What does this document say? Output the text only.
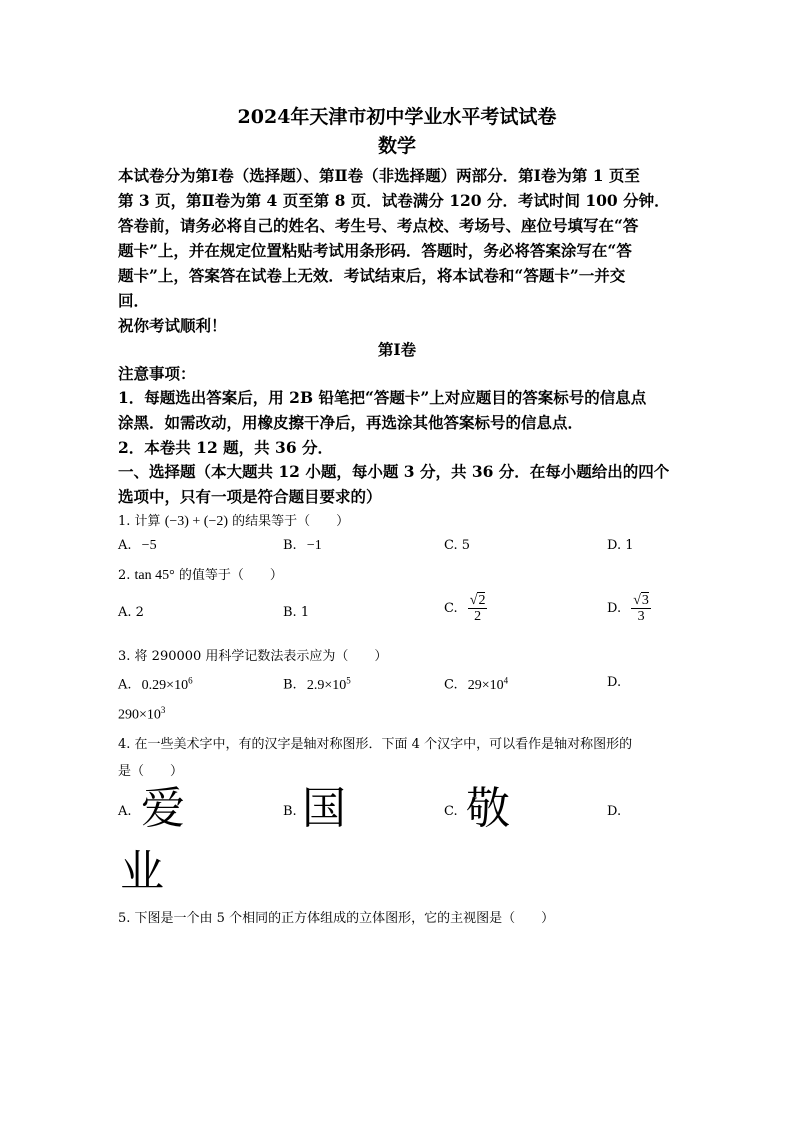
2024年天津市初中学业水平考试试卷
数学
本试卷分为第Ⅰ卷（选择题）、第Ⅱ卷（非选择题）两部分．第Ⅰ卷为第 1 页至
第 3 页，第Ⅱ卷为第 4 页至第 8 页．试卷满分 120 分．考试时间 100 分钟．
答卷前，请务必将自己的姓名、考生号、考点校、考场号、座位号填写在“答
题卡”上，并在规定位置粘贴考试用条形码．答题时，务必将答案涂写在“答
题卡”上，答案答在试卷上无效．考试结束后，将本试卷和“答题卡”一并交
回．
祝你考试顺利！
第Ⅰ卷
注意事项：
1．每题选出答案后，用 2B 铅笔把“答题卡”上对应题目的答案标号的信息点
涂黑．如需改动，用橡皮擦干净后，再选涂其他答案标号的信息点．
2．本卷共 12 题，共 36 分．
一、选择题（本大题共 12 小题，每小题 3 分，共 36 分．在每小题给出的四个
选项中，只有一项是符合题目要求的）
1. 计算 (−3) + (−2) 的结果等于（　　）
A. −5	B. −1	C. 5	D. 1
2. tan 45° 的值等于（　　）
A. 2	B. 1	C. $\frac{√2}{2}$	D. $\frac{√3}{3}$
3. 将 290000 用科学记数法表示应为（　　）
A. $0.29\times 10^6$	B. $2.9\times 10^5$	C. $29\times 10^4$	D.
$290\times 10^3$
4. 在一些美术字中，有的汉字是轴对称图形．下面 4 个汉字中，可以看作是轴对称图形的
是（　　）
A. 爱	B. 国	C. 敬	D.
业
5. 下图是一个由 5 个相同的正方体组成的立体图形，它的主视图是（　　）
